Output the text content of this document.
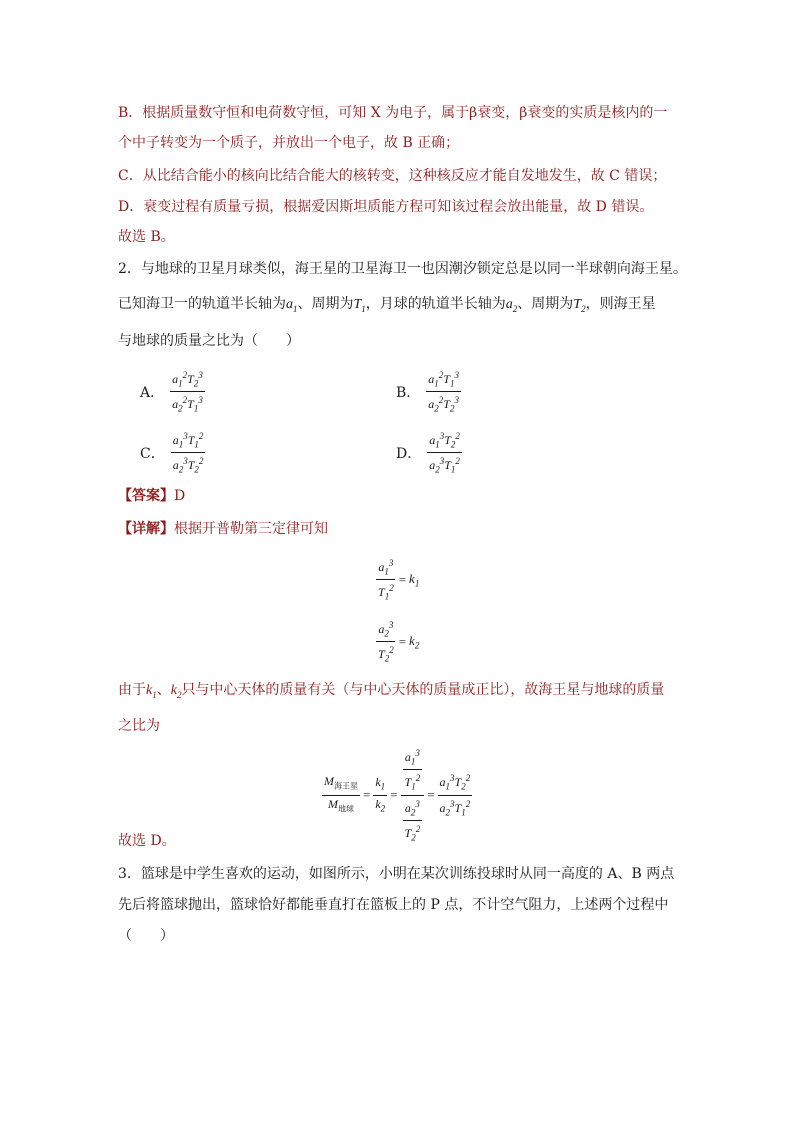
B．根据质量数守恒和电荷数守恒，可知 X 为电子，属于β衰变，β衰变的实质是核内的一
个中子转变为一个质子，并放出一个电子，故 B 正确；
C．从比结合能小的核向比结合能大的核转变，这种核反应才能自发地发生，故 C 错误；
D．衰变过程有质量亏损，根据爱因斯坦质能方程可知该过程会放出能量，故 D 错误。
故选 B。
2．与地球的卫星月球类似，海王星的卫星海卫一也因潮汐锁定总是以同一半球朝向海王星。
已知海卫一的轨道半长轴为$a_1$、周期为$T_1$，月球的轨道半长轴为$a_2$、周期为$T_2$，则海王星
与地球的质量之比为（　　）
A． $\frac{a_1^2T_2^3}{a_2^2T_1^3}$	B． $\frac{a_1^2T_1^3}{a_2^2T_2^3}$
C． $\frac{a_1^3T_1^2}{a_2^3T_2^2}$	D． $\frac{a_1^3T_2^2}{a_2^3T_1^2}$
【答案】D
【详解】根据开普勒第三定律可知
$\frac{a_1^3}{T_1^2} = k_1$
$\frac{a_2^3}{T_2^2} = k_2$
由于$k_1$、$k_2$只与中心天体的质量有关（与中心天体的质量成正比），故海王星与地球的质量
之比为
$\frac{M_{海王星}}{M_{地球}} = \frac{k_1}{k_2} = \frac{\frac{a_1^3}{T_1^2}}{\frac{a_2^3}{T_2^2}} = \frac{a_1^3T_2^2}{a_2^3T_1^2}$
故选 D。
3．篮球是中学生喜欢的运动，如图所示，小明在某次训练投球时从同一高度的 A、B 两点
先后将篮球抛出，篮球恰好都能垂直打在篮板上的 P 点，不计空气阻力，上述两个过程中
（　　）
